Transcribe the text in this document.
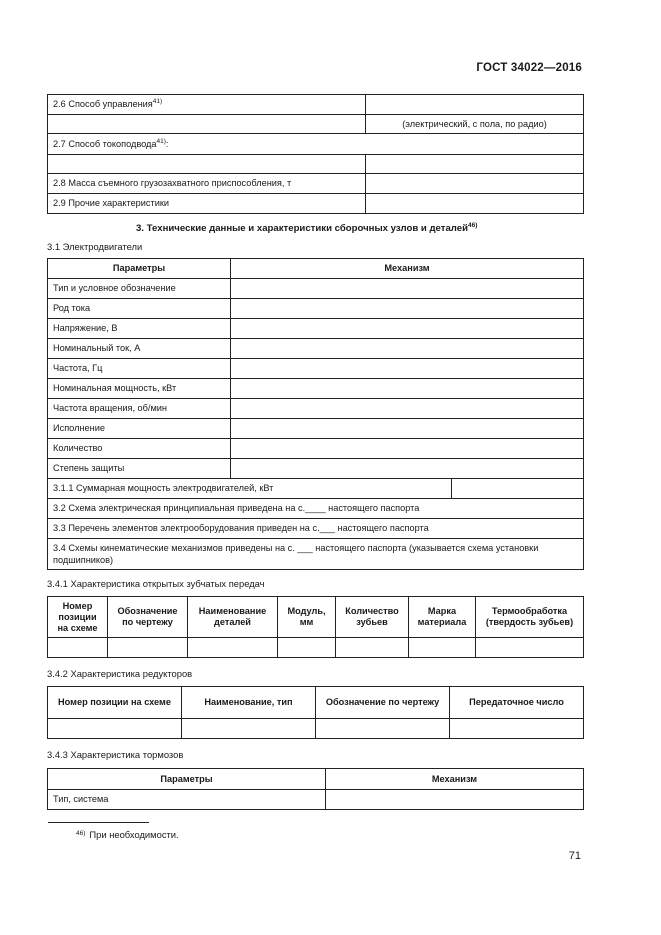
ГОСТ 34022—2016
2.6 Способ управления$^{41)}$	
	(электрический, с пола, по радио)
2.7 Способ токоподвода$^{41)}$:	

2.8 Масса съемного грузозахватного приспособления, т	
2.9 Прочие характеристики	
3. Технические данные и характеристики сборочных узлов и деталей$^{46)}$
3.1 Электродвигатели
Параметры	Механизм	
Тип и условное обозначение		
Род тока		
Напряжение, В		
Номинальный ток, А		
Частота, Гц		
Номинальная мощность, кВт		
Частота вращения, об/мин		
Исполнение		
Количество		
Степень защиты		
3.1.1 Суммарная мощность электродвигателей, кВт		
3.2 Схема электрическая принципиальная приведена на с.____ настоящего паспорта		
3.3 Перечень элементов электрооборудования приведен на с.___ настоящего паспорта		
3.4 Схемы кинематические механизмов приведены на с. ___ настоящего паспорта (указывается схема установки подшипников)		
3.4.1 Характеристика открытых зубчатых передач
Номер позиции на схеме	Обозначение по чертежу	Наименование деталей	Модуль, мм	Количество зубьев	Марка материала	Термообработка (твердость зубьев)

3.4.2 Характеристика редукторов
Номер позиции на схеме	Наименование, тип	Обозначение по чертежу	Передаточное число

3.4.3 Характеристика тормозов
Параметры	Механизм
Тип, система	
$^{46)}$ При необходимости.
71
